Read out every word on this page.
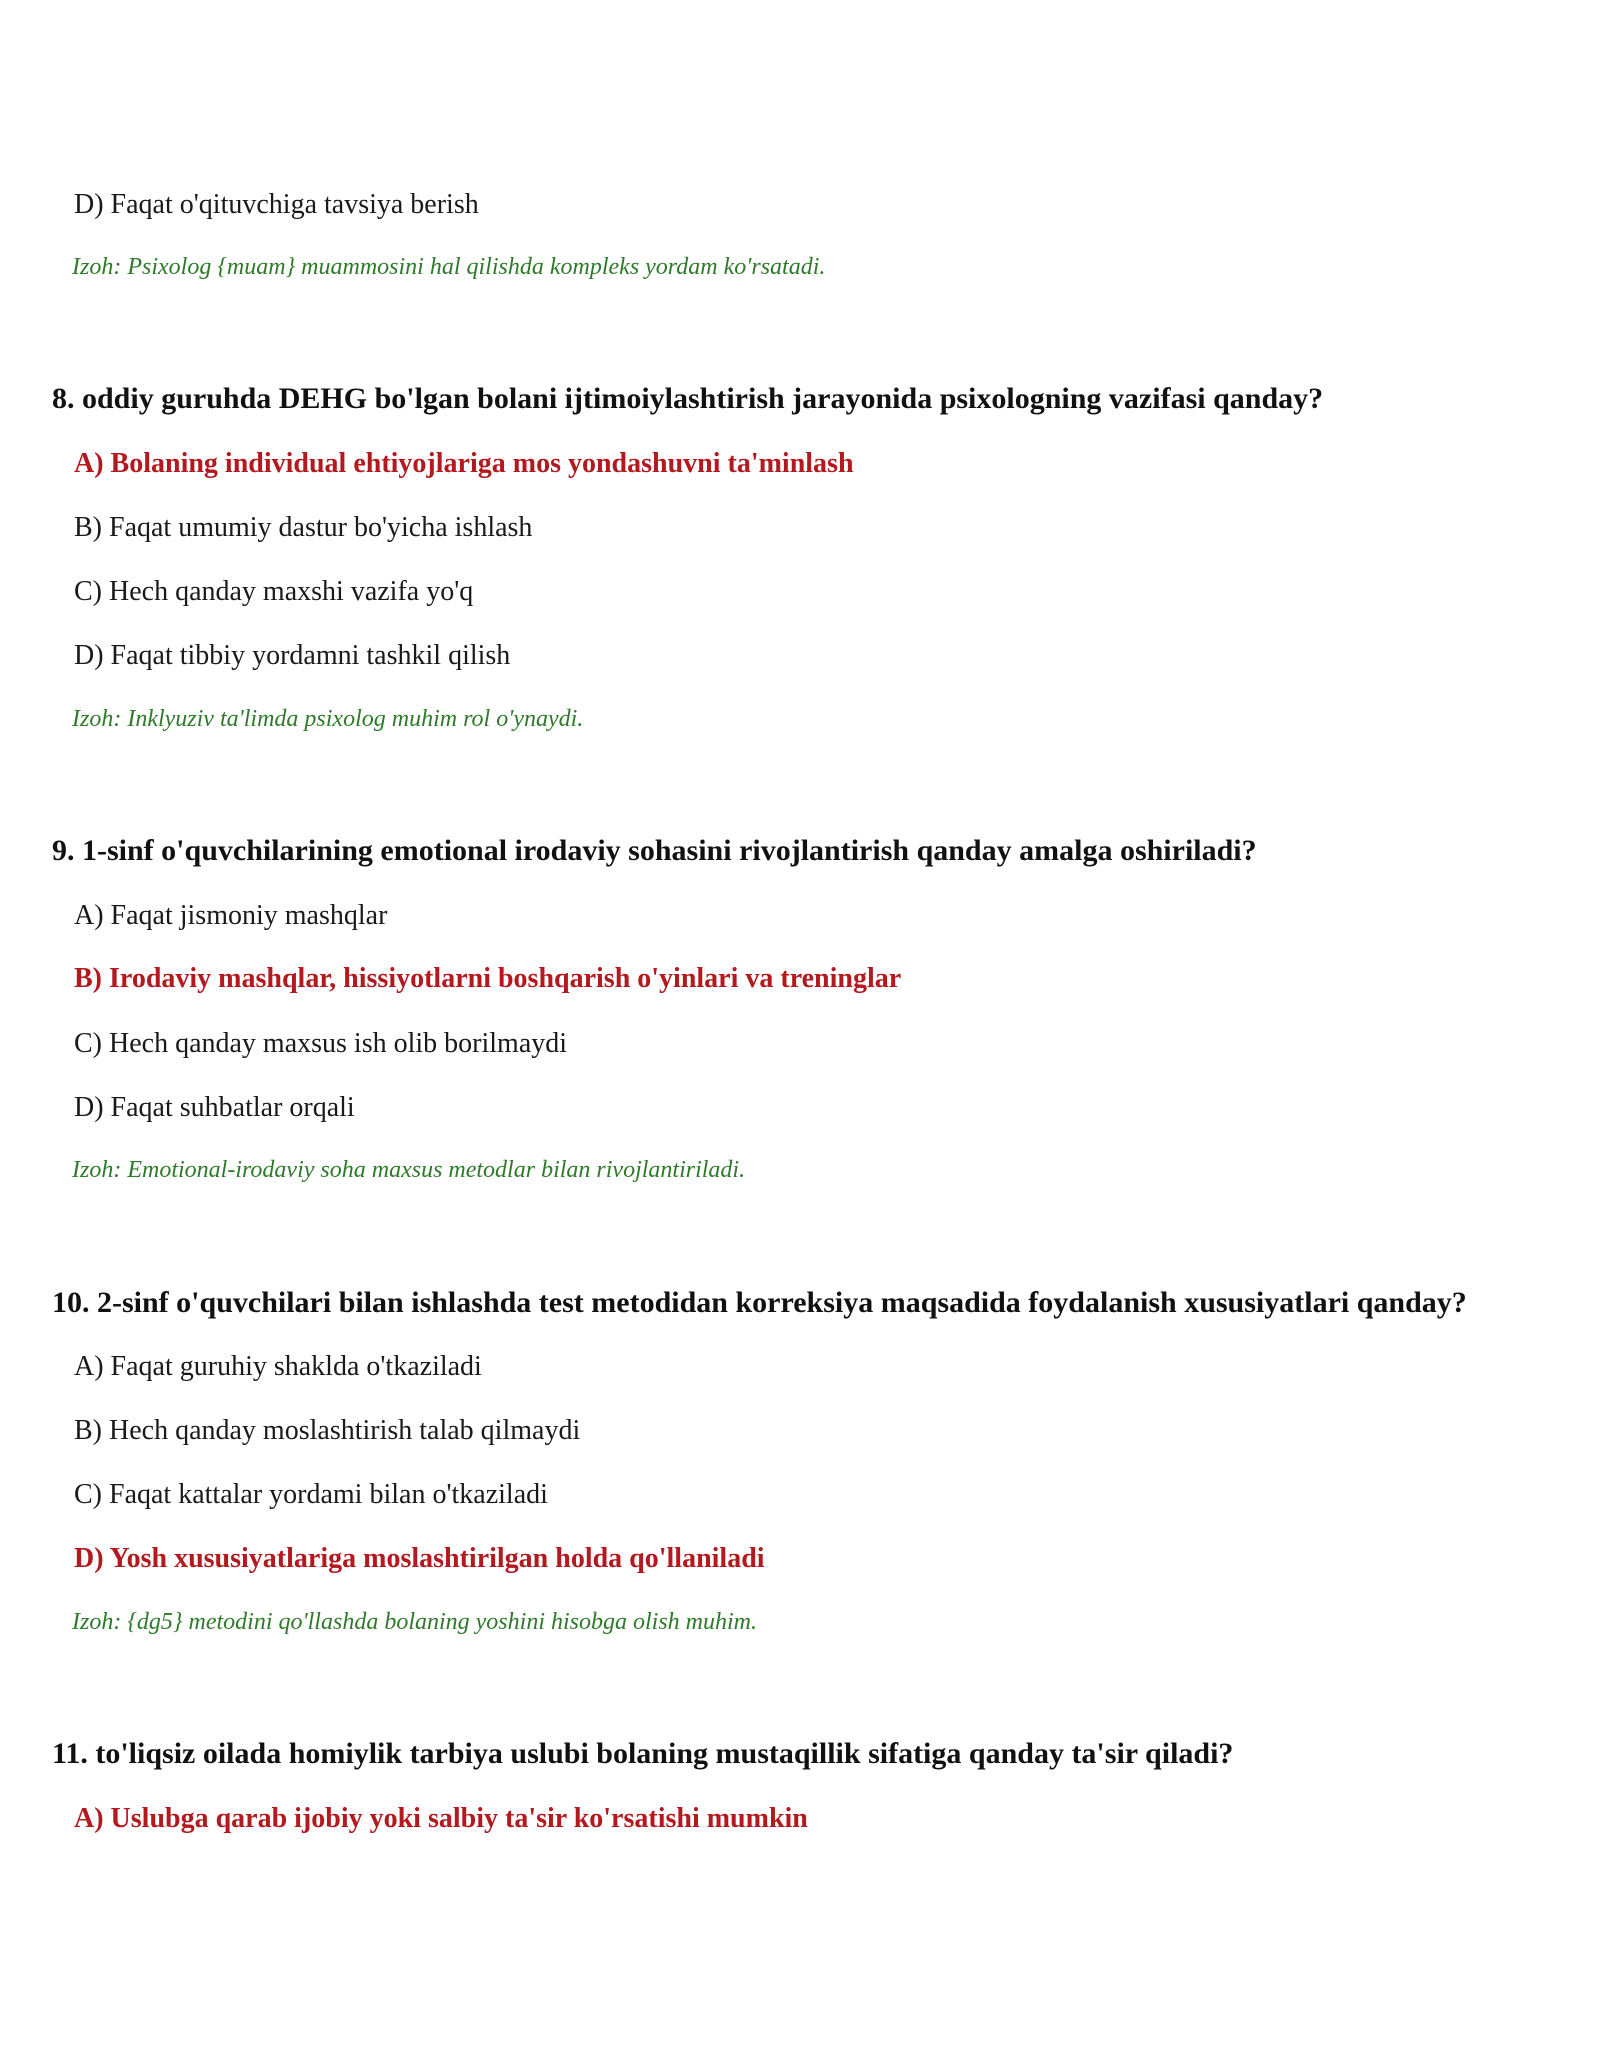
D) Faqat o'qituvchiga tavsiya berish
Izoh: Psixolog {muam} muammosini hal qilishda kompleks yordam ko'rsatadi.
8. oddiy guruhda DEHG bo'lgan bolani ijtimoiylashtirish jarayonida psixologning vazifasi qanday?
A) Bolaning individual ehtiyojlariga mos yondashuvni ta'minlash
B) Faqat umumiy dastur bo'yicha ishlash
C) Hech qanday maxshi vazifa yo'q
D) Faqat tibbiy yordamni tashkil qilish
Izoh: Inklyuziv ta'limda psixolog muhim rol o'ynaydi.
9. 1-sinf o'quvchilarining emotional irodaviy sohasini rivojlantirish qanday amalga oshiriladi?
A) Faqat jismoniy mashqlar
B) Irodaviy mashqlar, hissiyotlarni boshqarish o'yinlari va treninglar
C) Hech qanday maxsus ish olib borilmaydi
D) Faqat suhbatlar orqali
Izoh: Emotional-irodaviy soha maxsus metodlar bilan rivojlantiriladi.
10. 2-sinf o'quvchilari bilan ishlashda test metodidan korreksiya maqsadida foydalanish xususiyatlari qanday?
A) Faqat guruhiy shaklda o'tkaziladi
B) Hech qanday moslashtirish talab qilmaydi
C) Faqat kattalar yordami bilan o'tkaziladi
D) Yosh xususiyatlariga moslashtirilgan holda qo'llaniladi
Izoh: {dg5} metodini qo'llashda bolaning yoshini hisobga olish muhim.
11. to'liqsiz oilada homiylik tarbiya uslubi bolaning mustaqillik sifatiga qanday ta'sir qiladi?
A) Uslubga qarab ijobiy yoki salbiy ta'sir ko'rsatishi mumkin
